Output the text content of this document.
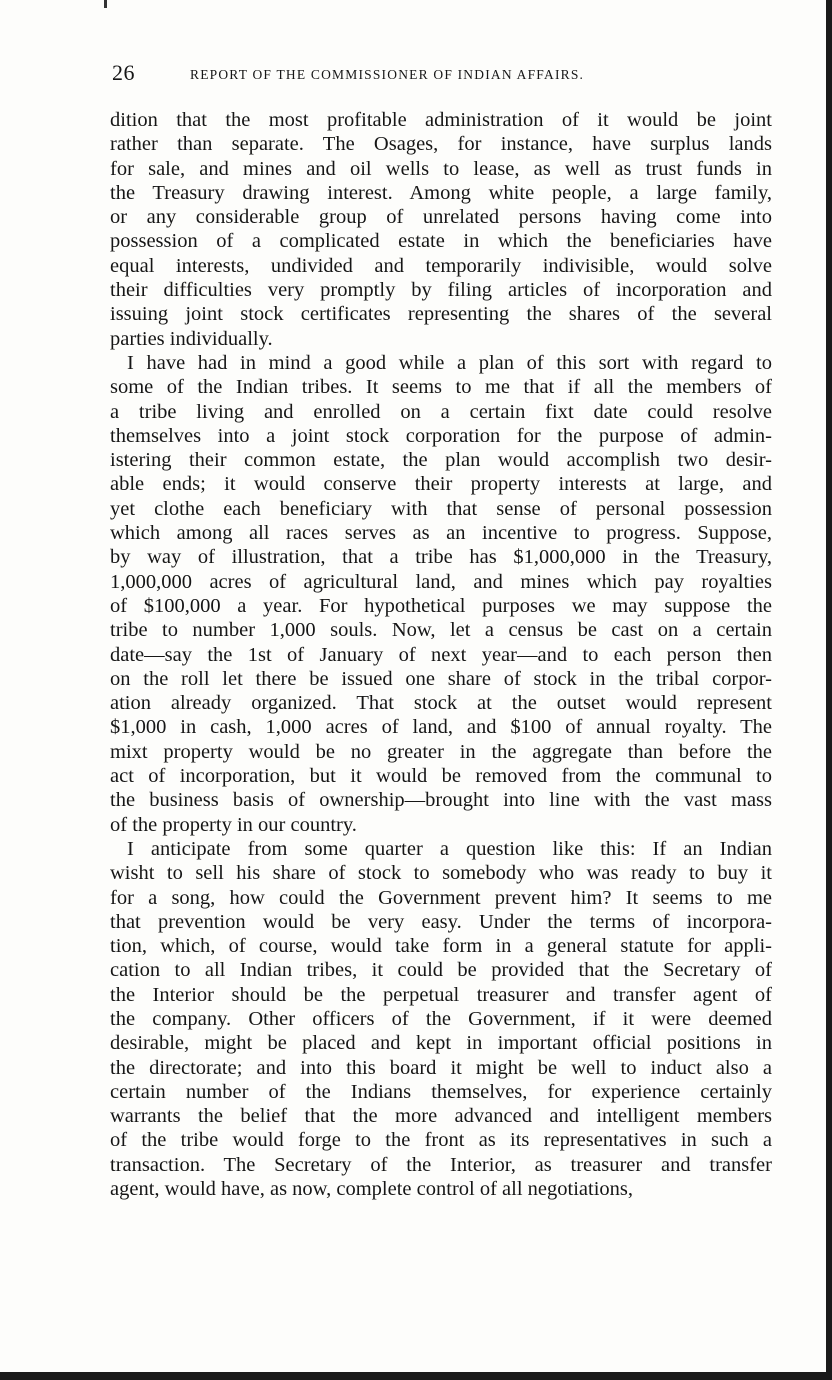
26	REPORT OF THE COMMISSIONER OF INDIAN AFFAIRS.
dition that the most profitable administration of it would be joint
rather than separate. The Osages, for instance, have surplus lands
for sale, and mines and oil wells to lease, as well as trust funds in
the Treasury drawing interest. Among white people, a large family,
or any considerable group of unrelated persons having come into
possession of a complicated estate in which the beneficiaries have
equal interests, undivided and temporarily indivisible, would solve
their difficulties very promptly by filing articles of incorporation and
issuing joint stock certificates representing the shares of the several
parties individually.
I have had in mind a good while a plan of this sort with regard to
some of the Indian tribes. It seems to me that if all the members of
a tribe living and enrolled on a certain fixt date could resolve
themselves into a joint stock corporation for the purpose of admin-
istering their common estate, the plan would accomplish two desir-
able ends; it would conserve their property interests at large, and
yet clothe each beneficiary with that sense of personal possession
which among all races serves as an incentive to progress. Suppose,
by way of illustration, that a tribe has $1,000,000 in the Treasury,
1,000,000 acres of agricultural land, and mines which pay royalties
of $100,000 a year. For hypothetical purposes we may suppose the
tribe to number 1,000 souls. Now, let a census be cast on a certain
date—say the 1st of January of next year—and to each person then
on the roll let there be issued one share of stock in the tribal corpor-
ation already organized. That stock at the outset would represent
$1,000 in cash, 1,000 acres of land, and $100 of annual royalty. The
mixt property would be no greater in the aggregate than before the
act of incorporation, but it would be removed from the communal to
the business basis of ownership—brought into line with the vast mass
of the property in our country.
I anticipate from some quarter a question like this: If an Indian
wisht to sell his share of stock to somebody who was ready to buy it
for a song, how could the Government prevent him? It seems to me
that prevention would be very easy. Under the terms of incorpora-
tion, which, of course, would take form in a general statute for appli-
cation to all Indian tribes, it could be provided that the Secretary of
the Interior should be the perpetual treasurer and transfer agent of
the company. Other officers of the Government, if it were deemed
desirable, might be placed and kept in important official positions in
the directorate; and into this board it might be well to induct also a
certain number of the Indians themselves, for experience certainly
warrants the belief that the more advanced and intelligent members
of the tribe would forge to the front as its representatives in such a
transaction. The Secretary of the Interior, as treasurer and transfer
agent, would have, as now, complete control of all negotiations,
